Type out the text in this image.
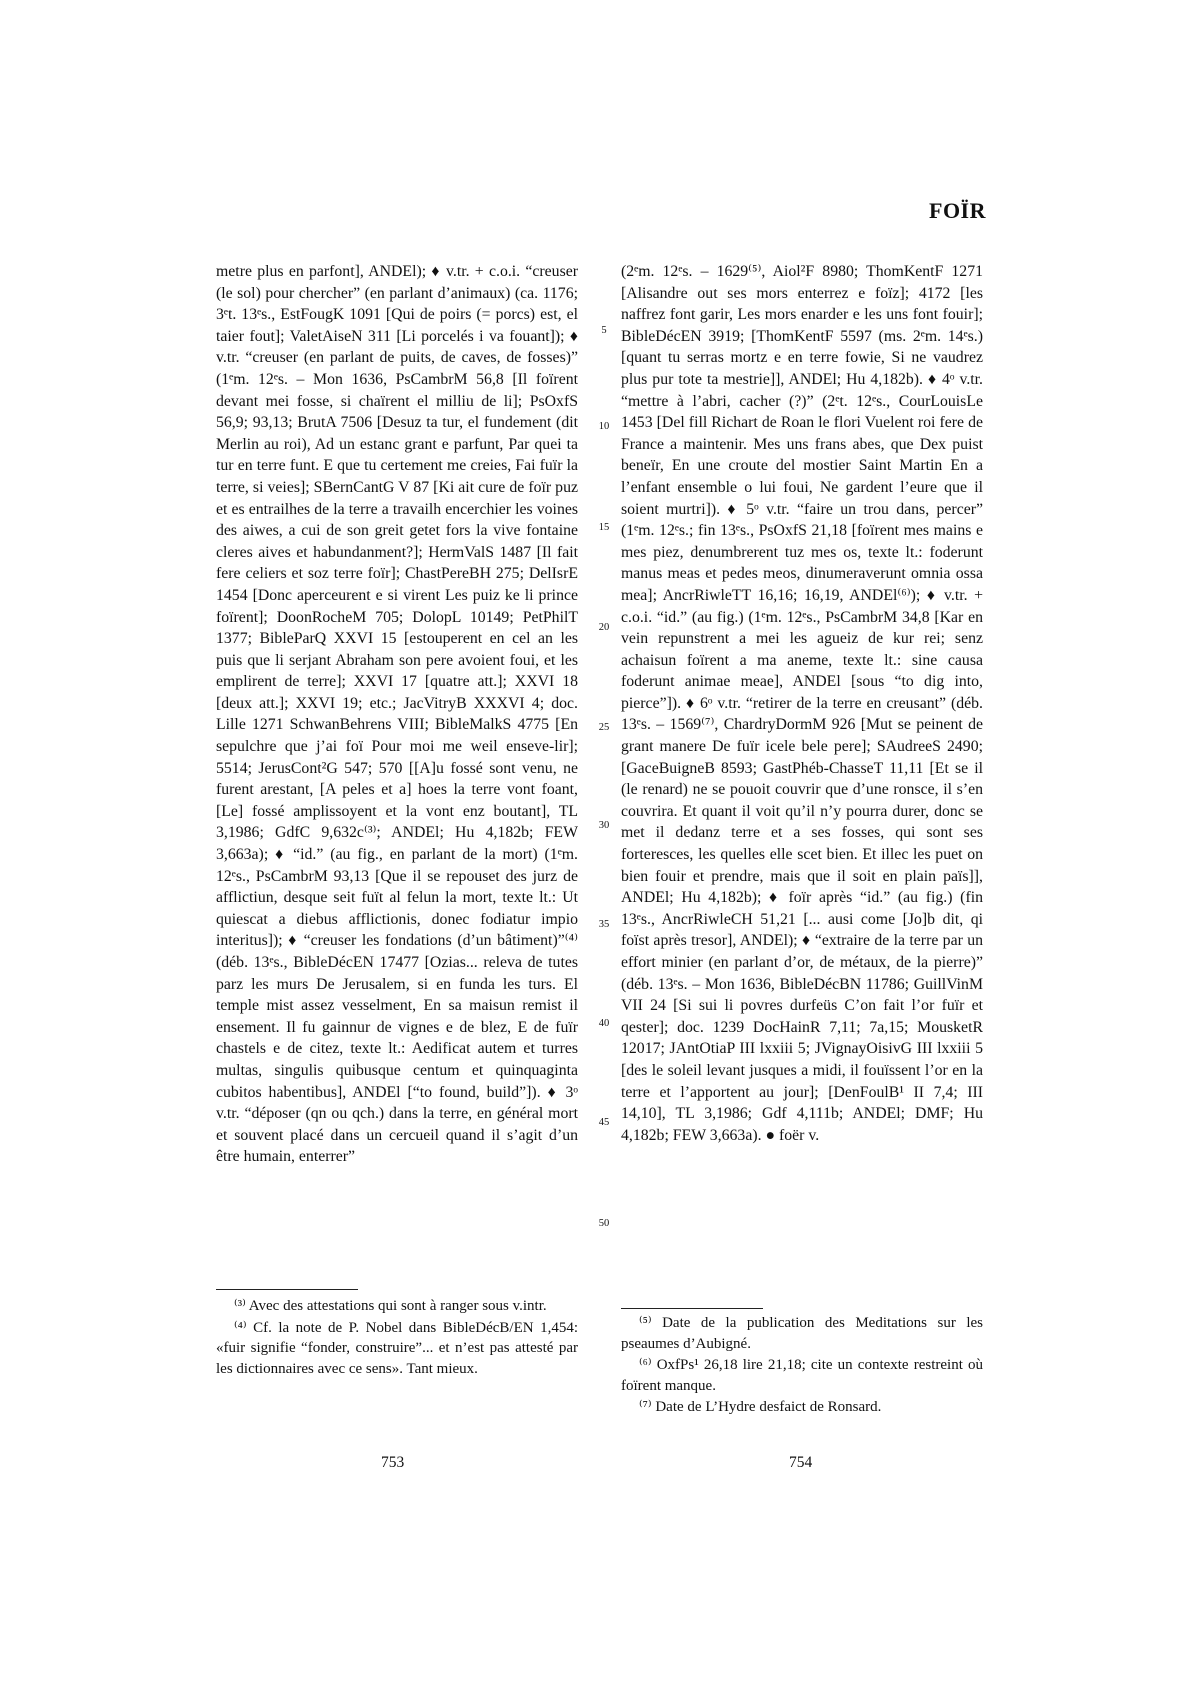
FOÏR

metre plus en parfont], ANDEl); ♦ v.tr. + c.o.i. “creuser (le sol) pour chercher” (en parlant d’animaux) (ca. 1176; 3ᵉt. 13ᵉs., EstFougK 1091 [Qui de poirs (= porcs) est, el taier fout]; ValetAiseN 311 [Li porcelés i va fouant]); ♦ v.tr. “creuser (en parlant de puits, de caves, de fosses)” (1ᵉm. 12ᵉs. – Mon 1636, PsCambrM 56,8 [Il foïrent devant mei fosse, si chaïrent el milliu de li]; PsOxfS 56,9; 93,13; BrutA 7506 [Desuz ta tur, el fundement (dit Merlin au roi), Ad un estanc grant e parfunt, Par quei ta tur en terre funt. E que tu certement me creies, Fai fuïr la terre, si veies]; SBernCantG V 87 [Ki ait cure de foïr puz et es entrailhes de la terre a travailh encerchier les voines des aiwes, a cui de son greit getet fors la vive fontaine cleres aives et habundanment?]; HermValS 1487 [Il fait fere celiers et soz terre foïr]; ChastPereBH 275; DelIsrE 1454 [Donc aperceurent e si virent Les puiz ke li prince foïrent]; DoonRocheM 705; DolopL 10149; PetPhilT 1377; BibleParQ XXVI 15 [estouperent en cel an les puis que li serjant Abraham son pere avoient foui, et les emplirent de terre]; XXVI 17 [quatre att.]; XXVI 18 [deux att.]; XXVI 19; etc.; JacVitryB XXXVI 4; doc. Lille 1271 SchwanBehrens VIII; BibleMalkS 4775 [En sepulchre que j’ai foï Pour moi me weil enseve-lir]; 5514; JerusCont²G 547; 570 [[A]u fossé sont venu, ne furent arestant, [A peles et a] hoes la terre vont foant, [Le] fossé amplissoyent et la vont enz boutant], TL 3,1986; GdfC 9,632c⁽³⁾; ANDEl; Hu 4,182b; FEW 3,663a); ♦ “id.” (au fig., en parlant de la mort) (1ᵉm. 12ᵉs., PsCambrM 93,13 [Que il se repouset des jurz de afflictiun, desque seit fuït al felun la mort, texte lt.: Ut quiescat a diebus afflictionis, donec fodiatur impio interitus]); ♦ “creuser les fondations (d’un bâtiment)”⁽⁴⁾ (déb. 13ᵉs., BibleDécEN 17477 [Ozias... releva de tutes parz les murs De Jerusalem, si en funda les turs. El temple mist assez vesselment, En sa maisun remist il ensement. Il fu gainnur de vignes e de blez, E de fuïr chastels e de citez, texte lt.: Aedificat autem et turres multas, singulis quibusque centum et quinquaginta cubitos habentibus], ANDEl [“to found, build”]). ♦ 3ᵒ v.tr. “déposer (qn ou qch.) dans la terre, en général mort et souvent placé dans un cercueil quand il s’agit d’un être humain, enterrer”

5
10
15
20
25
30
35
40
45
50

(2ᵉm. 12ᵉs. – 1629⁽⁵⁾, Aiol²F 8980; ThomKentF 1271 [Alisandre out ses mors enterrez e foïz]; 4172 [les naffrez font garir, Les mors enarder e les uns font fouir]; BibleDécEN 3919; [ThomKentF 5597 (ms. 2ᵉm. 14ᵉs.) [quant tu serras mortz e en terre fowie, Si ne vaudrez plus pur tote ta mestrie]], ANDEl; Hu 4,182b). ♦ 4ᵒ v.tr. “mettre à l’abri, cacher (?)” (2ᵉt. 12ᵉs., CourLouisLe 1453 [Del fill Richart de Roan le flori Vuelent roi fere de France a maintenir. Mes uns frans abes, que Dex puist beneïr, En une croute del mostier Saint Martin En a l’enfant ensemble o lui foui, Ne gardent l’eure que il soient murtri]). ♦ 5ᵒ v.tr. “faire un trou dans, percer” (1ᵉm. 12ᵉs.; fin 13ᵉs., PsOxfS 21,18 [foïrent mes mains e mes piez, denumbrerent tuz mes os, texte lt.: foderunt manus meas et pedes meos, dinumeraverunt omnia ossa mea]; AncrRiwleTT 16,16; 16,19, ANDEl⁽⁶⁾); ♦ v.tr. + c.o.i. “id.” (au fig.) (1ᵉm. 12ᵉs., PsCambrM 34,8 [Kar en vein repunstrent a mei les agueiz de kur rei; senz achaisun foïrent a ma aneme, texte lt.: sine causa foderunt animae meae], ANDEl [sous “to dig into, pierce”]). ♦ 6ᵒ v.tr. “retirer de la terre en creusant” (déb. 13ᵉs. – 1569⁽⁷⁾, ChardryDormM 926 [Mut se peinent de grant manere De fuïr icele bele pere]; SAudreeS 2490; [GaceBuigneB 8593; GastPhéb-ChasseT 11,11 [Et se il (le renard) ne se pouoit couvrir que d’une ronsce, il s’en couvrira. Et quant il voit qu’il n’y pourra durer, donc se met il dedanz terre et a ses fosses, qui sont ses forteresces, les quelles elle scet bien. Et illec les puet on bien fouir et prendre, mais que il soit en plain païs]], ANDEl; Hu 4,182b); ♦ foïr après “id.” (au fig.) (fin 13ᵉs., AncrRiwleCH 51,21 [... ausi come [Jo]b dit, qi foïst après tresor], ANDEl); ♦ “extraire de la terre par un effort minier (en parlant d’or, de métaux, de la pierre)” (déb. 13ᵉs. – Mon 1636, BibleDécBN 11786; GuillVinM VII 24 [Si sui li povres durfeüs C’on fait l’or fuïr et qester]; doc. 1239 DocHainR 7,11; 7a,15; MousketR 12017; JAntOtiaP III lxxiii 5; JVignayOisivG III lxxiii 5 [des le soleil levant jusques a midi, il fouïssent l’or en la terre et l’apportent au jour]; [DenFoulB¹ II 7,4; III 14,10], TL 3,1986; Gdf 4,111b; ANDEl; DMF; Hu 4,182b; FEW 3,663a). ● foër v.

⁽³⁾ Avec des attestations qui sont à ranger sous v.intr.

⁽⁴⁾ Cf. la note de P. Nobel dans BibleDécB/EN 1,454: «fuir signifie “fonder, construire”... et n’est pas attesté par les dictionnaires avec ce sens». Tant mieux.

⁽⁵⁾ Date de la publication des Meditations sur les pseaumes d’Aubigné.

⁽⁶⁾ OxfPs¹ 26,18 lire 21,18; cite un contexte restreint où foïrent manque.

⁽⁷⁾ Date de L’Hydre desfaict de Ronsard.

753	754
